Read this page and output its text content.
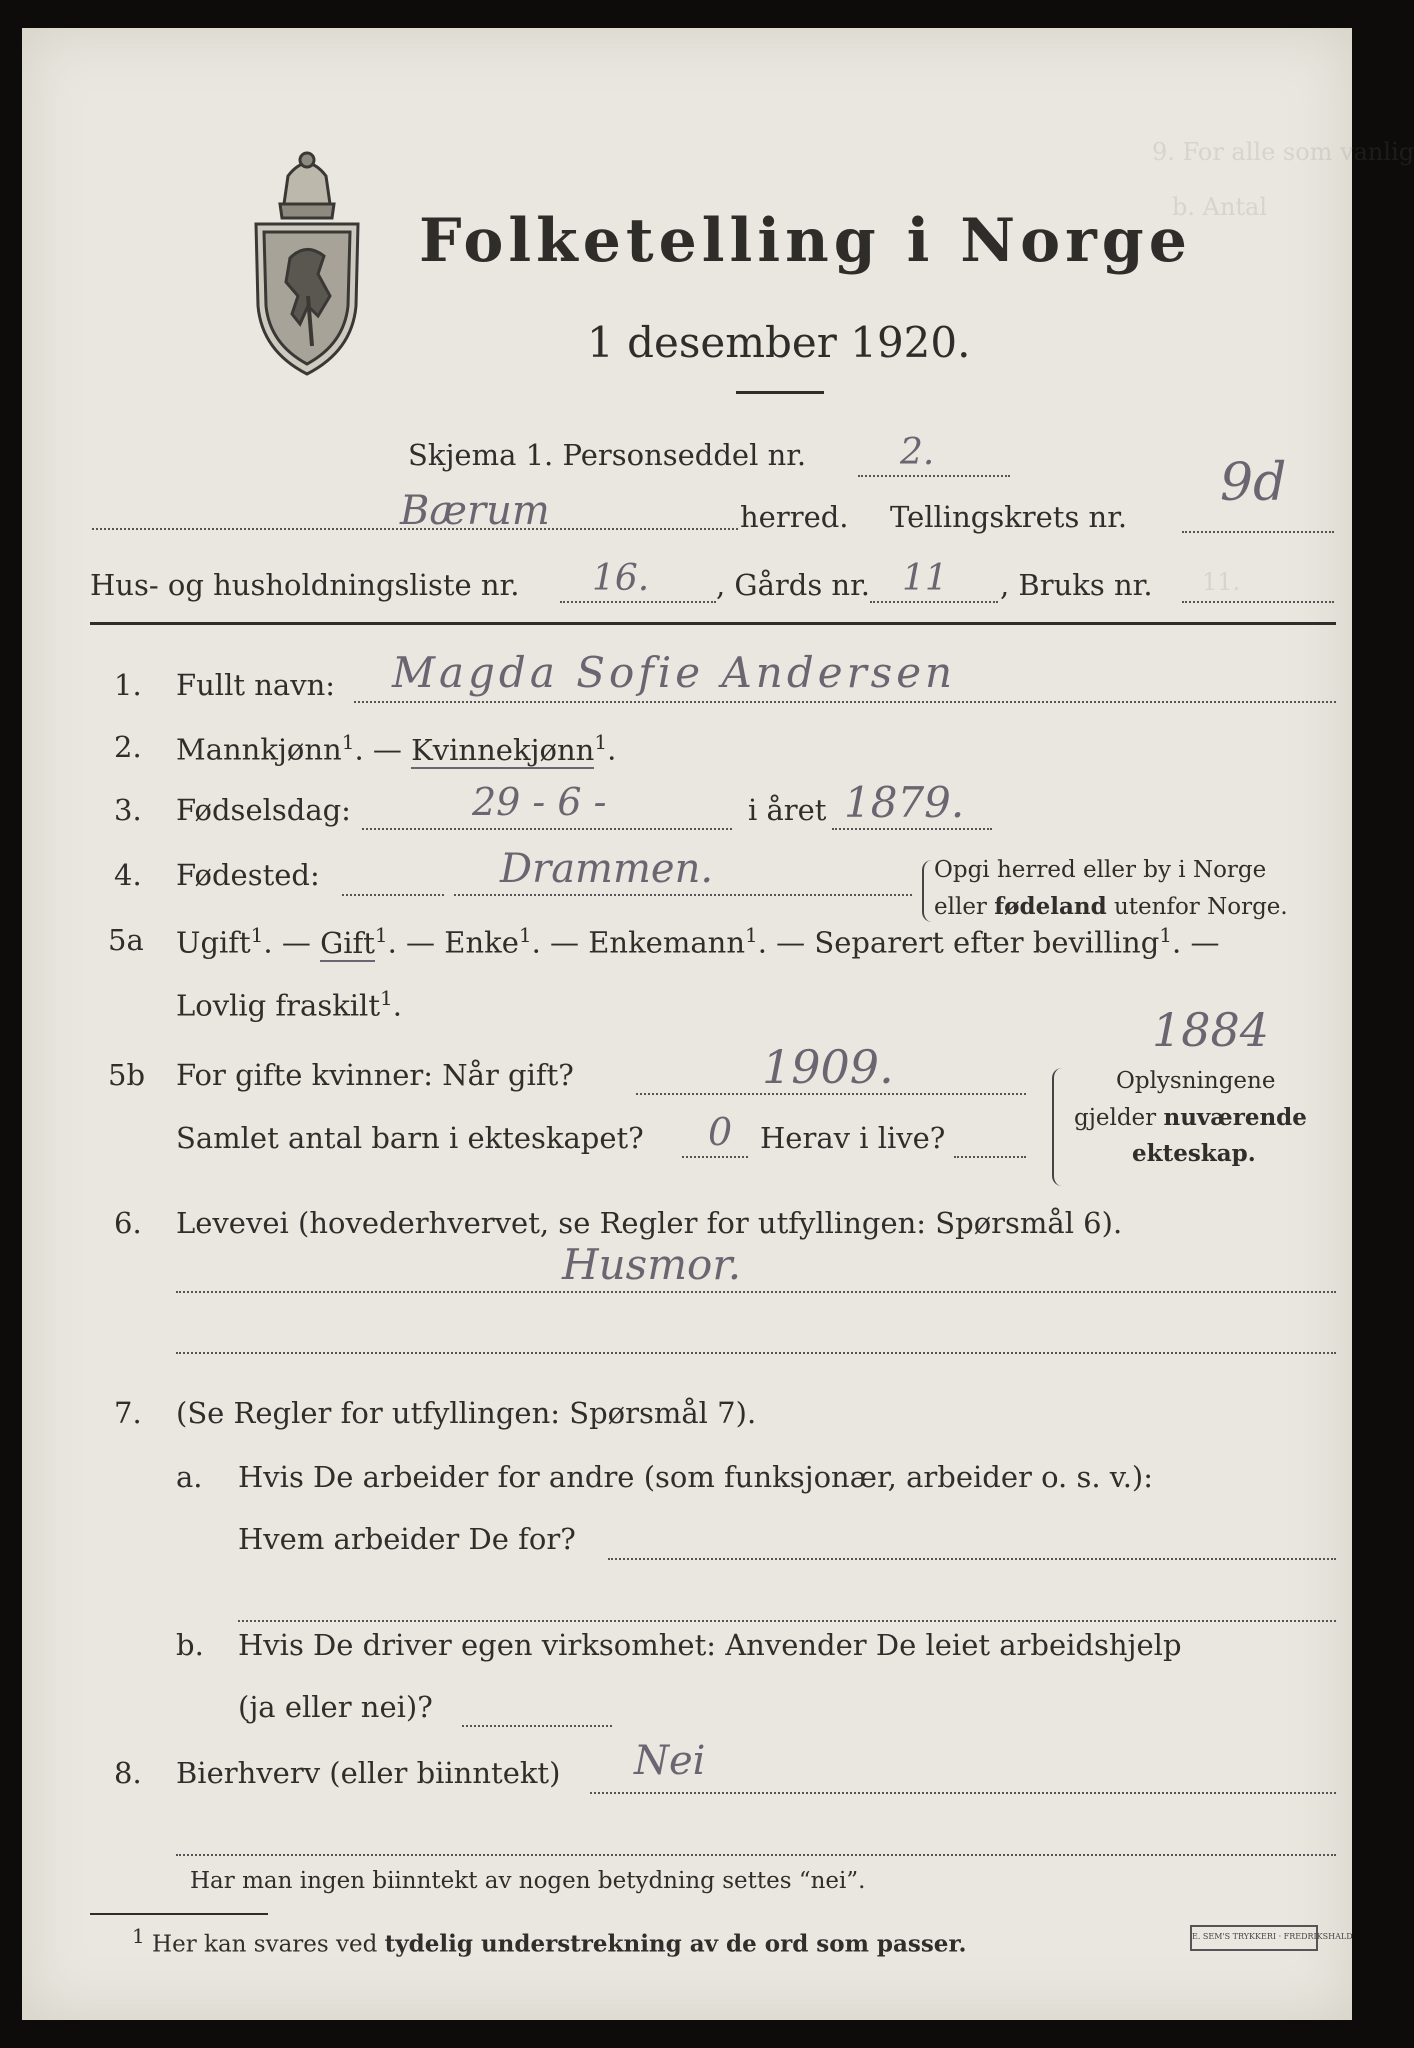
9. For alle som vanlig
b. Antal
11.
Folketelling i Norge
1 desember 1920.
Skjema 1. Personseddel nr.	2.
Bærum	herred. Tellingskrets nr.
9d
Hus- og husholdningsliste nr. 16. , Gårds nr. 11 , Bruks nr.
1. Fullt navn: Magda Sofie Andersen
2. Mannkjønn$^1$. — Kvinnekjønn$^1$.
3. Fødselsdag:	29 - 6 -	i året 1879.
4. Fødested:	Drammen.	Opgi herred eller by i Norge
eller fødeland utenfor Norge.
5a Ugift$^1$. — Gift$^1$. — Enke$^1$. — Enkemann$^1$. — Separert efter bevilling$^1$. —
Lovlig fraskilt$^1$.	1884
5b For gifte kvinner: Når gift?	1909.
Samlet antal barn i ekteskapet? 0 Herav i live?
Oplysningene
gjelder nuværende
ekteskap.
6. Levevei (hovederhvervet, se Regler for utfyllingen: Spørsmål 6).
Husmor.
7. (Se Regler for utfyllingen: Spørsmål 7).
a. Hvis De arbeider for andre (som funksjonær, arbeider o. s. v.):
Hvem arbeider De for?
b. Hvis De driver egen virksomhet: Anvender De leiet arbeidshjelp
(ja eller nei)?
8. Bierhverv (eller biinntekt) Nei
Har man ingen biinntekt av nogen betydning settes “nei”.
$^1$ Her kan svares ved tydelig understrekning av de ord som passer.	E. SEM'S TRYKKERI · FREDRIKSHALD
